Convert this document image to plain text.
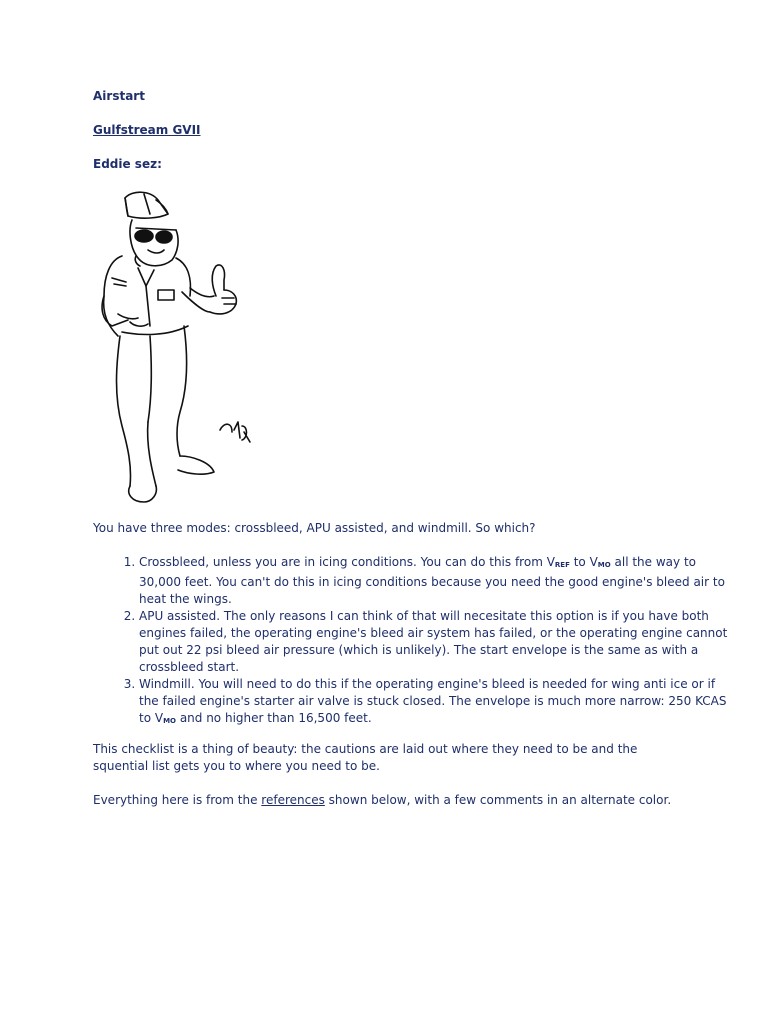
Airstart
Gulfstream GVII
Eddie sez:
You have three modes: crossbleed, APU assisted, and windmill. So which?
1. Crossbleed, unless you are in icing conditions. You can do this from $V_{REF}$ to $V_{MO}$ all the way to 30,000 feet. You can't do this in icing conditions because you need the good engine's bleed air to heat the wings.
2. APU assisted. The only reasons I can think of that will necesitate this option is if you have both engines failed, the operating engine's bleed air system has failed, or the operating engine cannot put out 22 psi bleed air pressure (which is unlikely). The start envelope is the same as with a crossbleed start.
3. Windmill. You will need to do this if the operating engine's bleed is needed for wing anti ice or if the failed engine's starter air valve is stuck closed. The envelope is much more narrow: 250 KCAS to $V_{MO}$ and no higher than 16,500 feet.
This checklist is a thing of beauty: the cautions are laid out where they need to be and the squential list gets you to where you need to be.
Everything here is from the references shown below, with a few comments in an alternate color.
